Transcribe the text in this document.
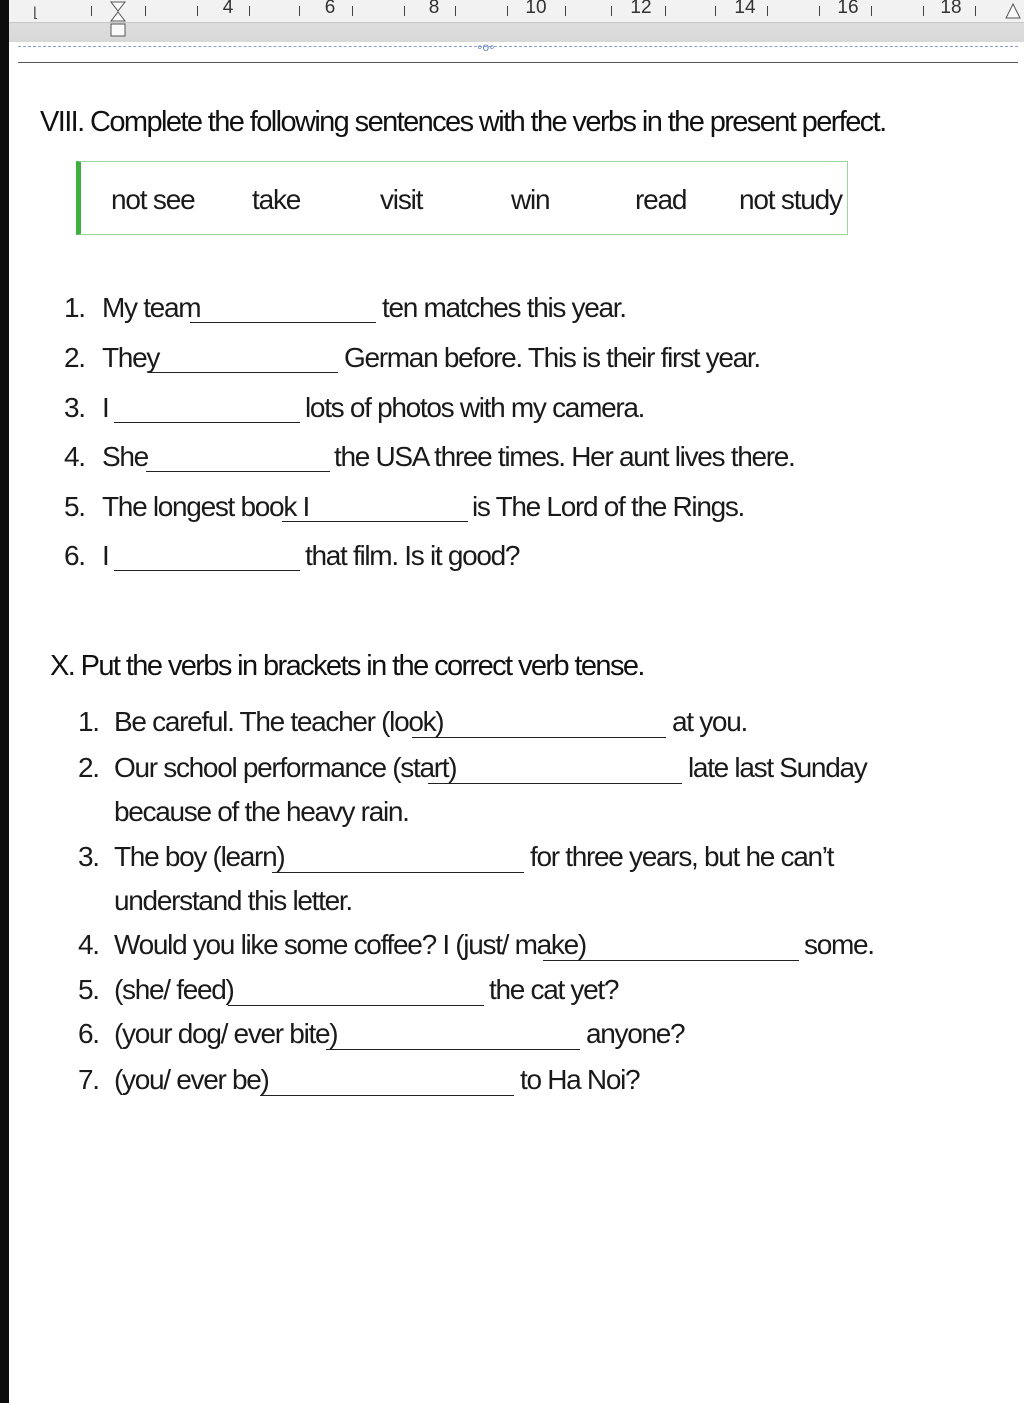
⌊	4	6	8	10	12	14	16	18
∘o∘
VIII. Complete the following sentences with the verbs in the present perfect.
not see take	visit	win	read not study
1. My team	ten matches this year.
2. They	German before. This is their first year.
3. I	lots of photos with my camera.
4. She	the USA three times. Her aunt lives there.
5. The longest book I	is The Lord of the Rings.
6. I	that film. Is it good?
X. Put the verbs in brackets in the correct verb tense.
1. Be careful. The teacher (look)	at you.
2. Our school performance (start)	late last Sunday
because of the heavy rain.
3. The boy (learn)	for three years, but he can’t
understand this letter.
4. Would you like some coffee? I (just/ make)	some.
5. (she/ feed)	the cat yet?
6. (your dog/ ever bite)	anyone?
7. (you/ ever be)	to Ha Noi?
